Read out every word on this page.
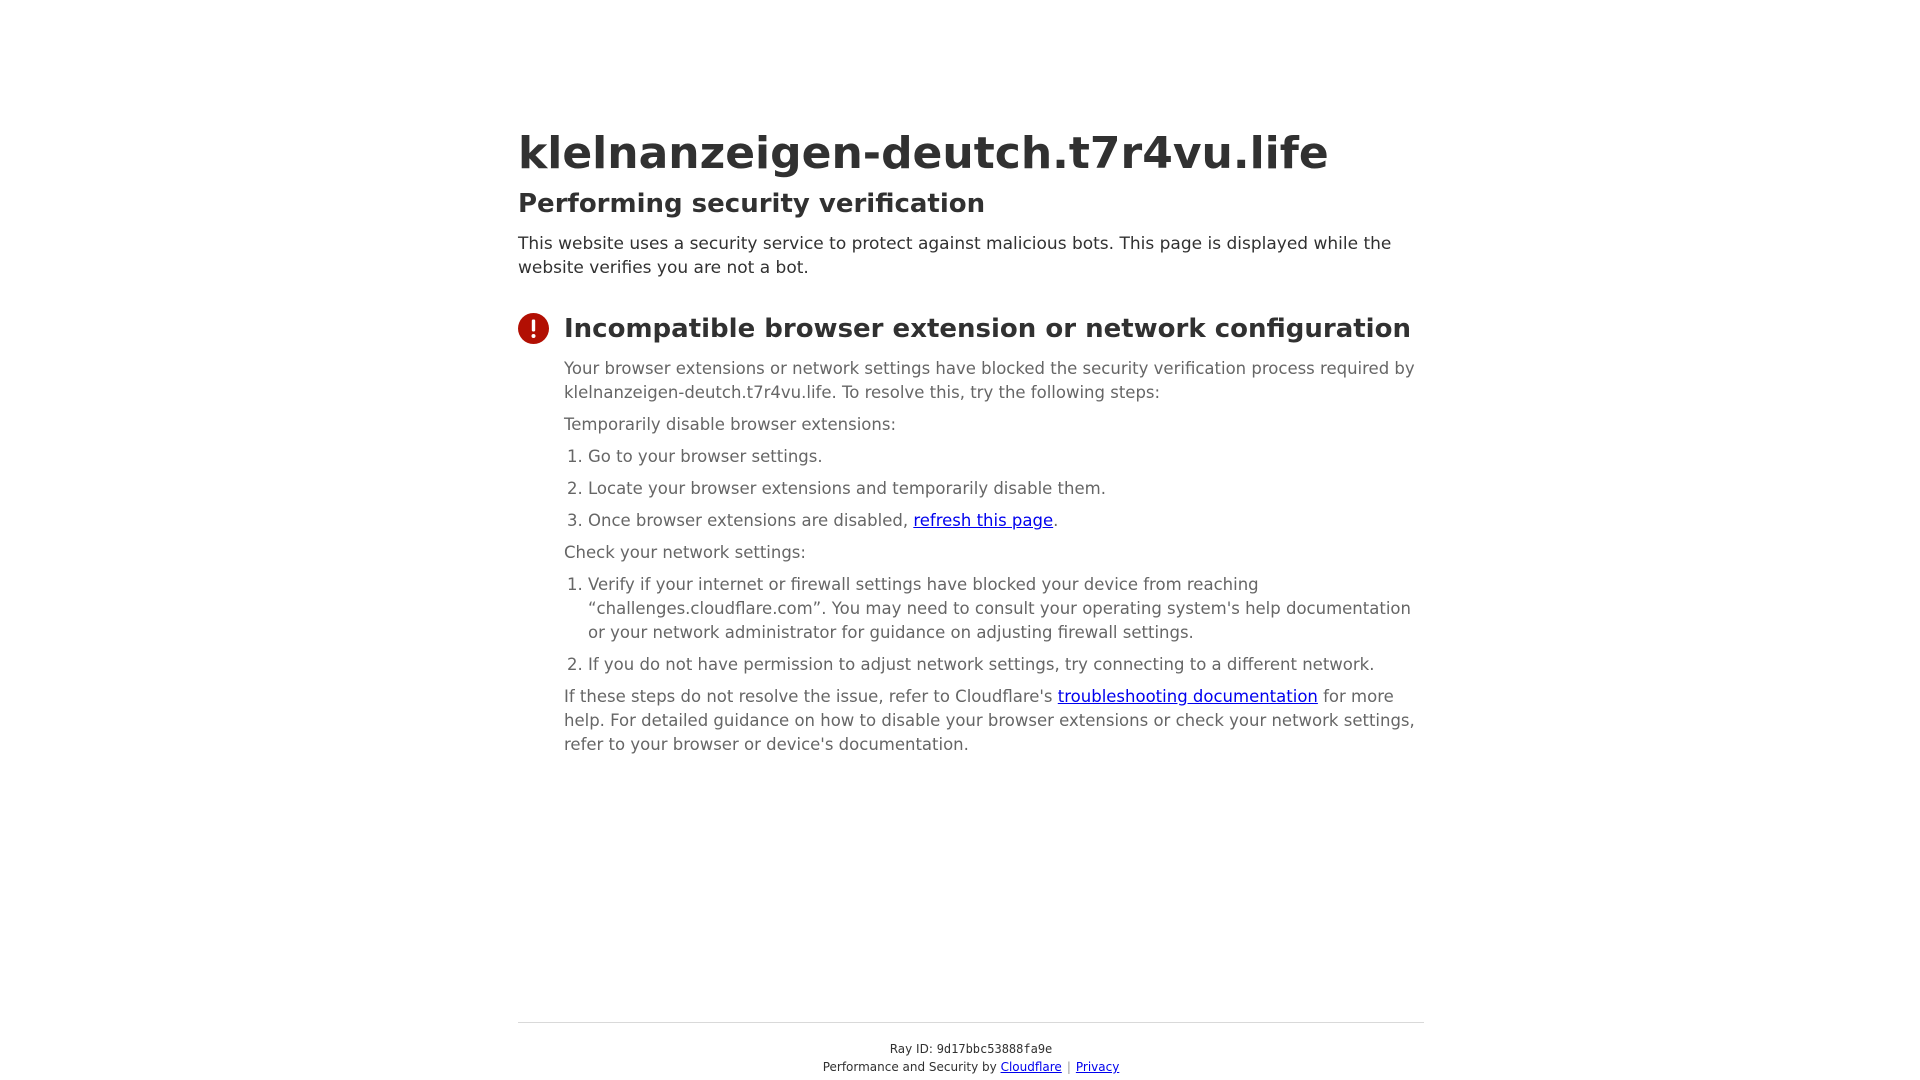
klelnanzeigen-deutch.t7r4vu.life
Performing security verification

This website uses a security service to protect against malicious bots. This page is displayed while the website verifies you are not a bot.

Incompatible browser extension or network configuration

Your browser extensions or network settings have blocked the security verification process required by klelnanzeigen-deutch.t7r4vu.life. To resolve this, try the following steps:

Temporarily disable browser extensions:

1. Go to your browser settings.
2. Locate your browser extensions and temporarily disable them.
3. Once browser extensions are disabled, refresh this page.

Check your network settings:

1. Verify if your internet or firewall settings have blocked your device from reaching “challenges.cloudflare.com”. You may need to consult your operating system's help documentation or your network administrator for guidance on adjusting firewall settings.
2. If you do not have permission to adjust network settings, try connecting to a different network.

If these steps do not resolve the issue, refer to Cloudflare's troubleshooting documentation for more help. For detailed guidance on how to disable your browser extensions or check your network settings, refer to your browser or device's documentation.

Ray ID: 9d17bbc53888fa9e
Performance and Security by Cloudflare | Privacy
